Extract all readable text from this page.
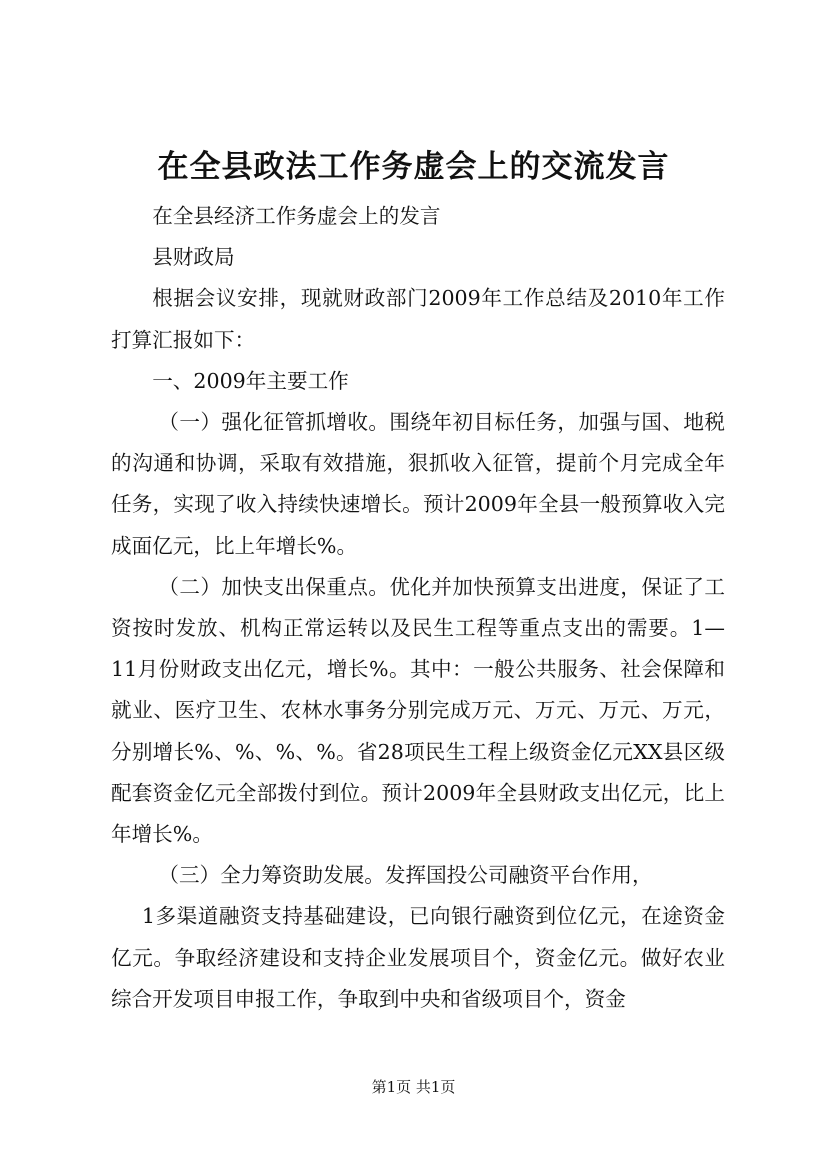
在全县政法工作务虚会上的交流发言

在全县经济工作务虚会上的发言

县财政局

根据会议安排，现就财政部门2009年工作总结及2010年工作打算汇报如下：

一、2009年主要工作

（一）强化征管抓增收。围绕年初目标任务，加强与国、地税的沟通和协调，采取有效措施，狠抓收入征管，提前个月完成全年任务，实现了收入持续快速增长。预计2009年全县一般预算收入完成面亿元，比上年增长%。

（二）加快支出保重点。优化并加快预算支出进度，保证了工资按时发放、机构正常运转以及民生工程等重点支出的需要。1—11月份财政支出亿元，增长%。其中：一般公共服务、社会保障和就业、医疗卫生、农林水事务分别完成万元、万元、万元、万元，分别增长%、%、%、%。省28项民生工程上级资金亿元XX县区级配套资金亿元全部拨付到位。预计2009年全县财政支出亿元，比上年增长%。

（三）全力筹资助发展。发挥国投公司融资平台作用，

1多渠道融资支持基础建设，已向银行融资到位亿元，在途资金亿元。争取经济建设和支持企业发展项目个，资金亿元。做好农业综合开发项目申报工作，争取到中央和省级项目个，资金

第1页 共1页
